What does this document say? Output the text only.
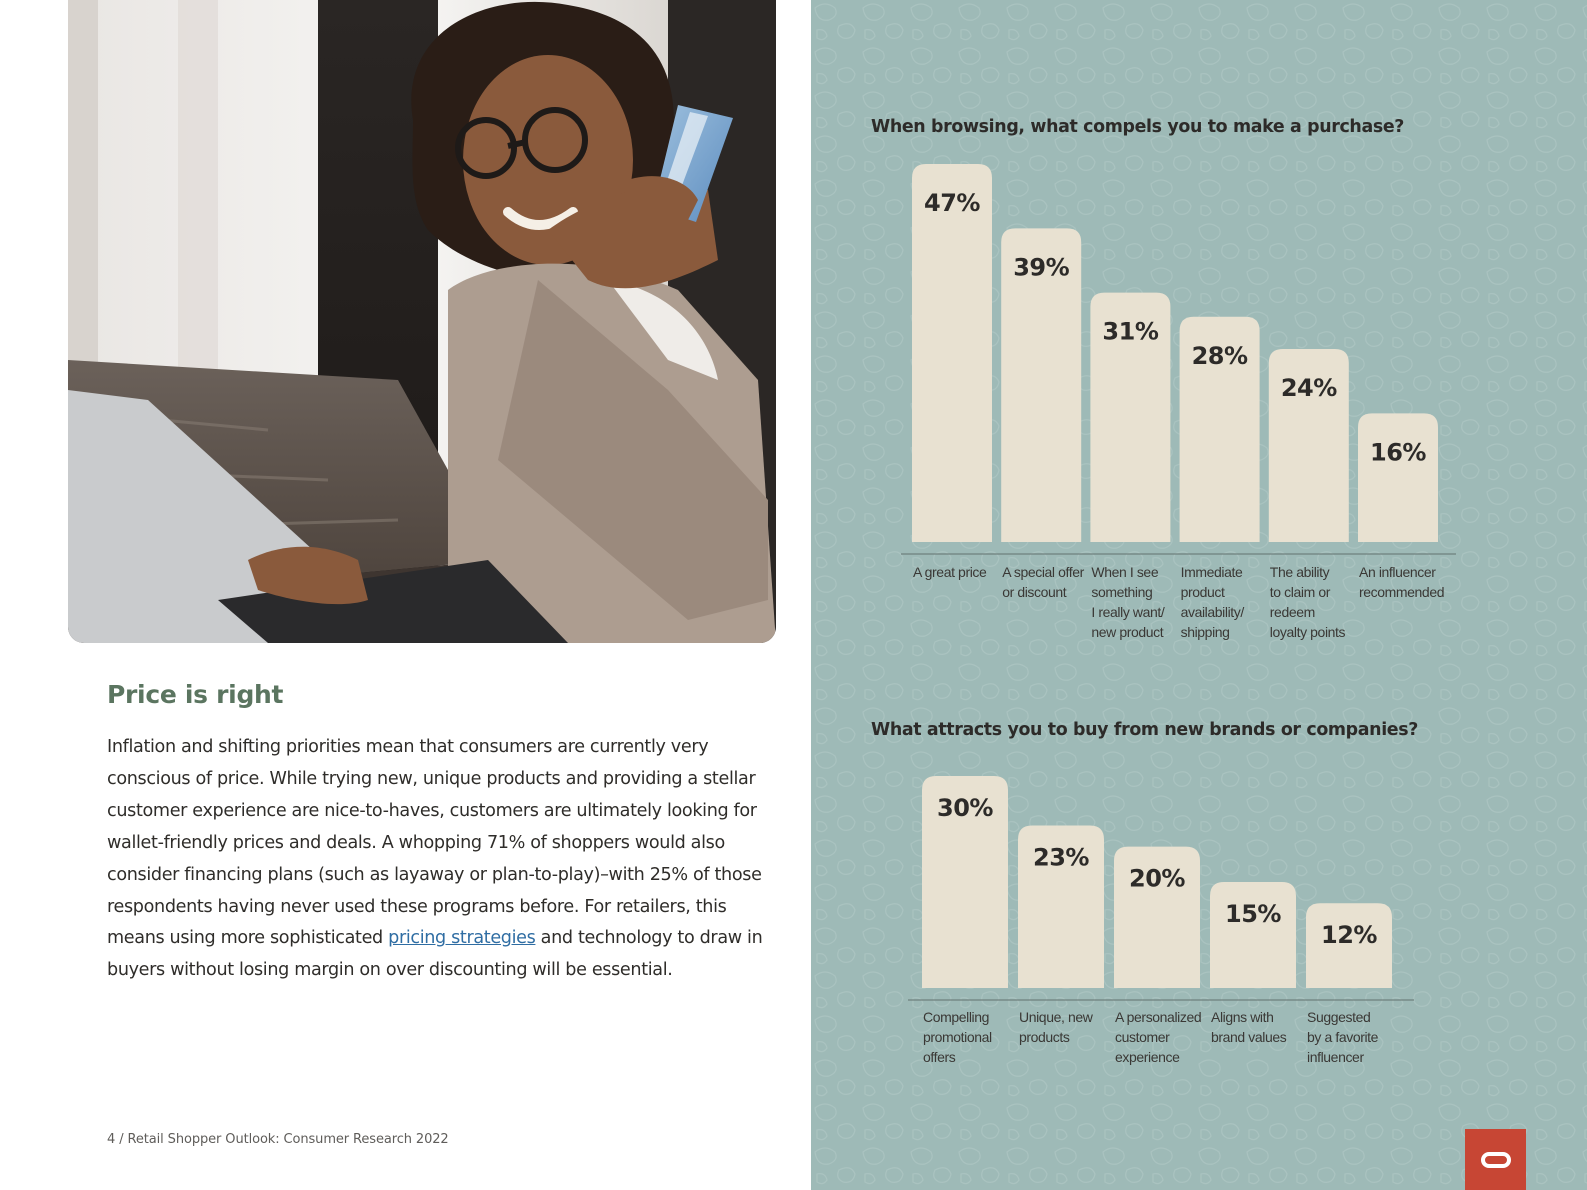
Price is right

Inflation and shifting priorities mean that consumers are currently very conscious of price. While trying new, unique products and providing a stellar customer experience are nice-to-haves, customers are ultimately looking for wallet-friendly prices and deals. A whopping 71% of shoppers would also consider financing plans (such as layaway or plan-to-play)–with 25% of those respondents having never used these programs before. For retailers, this means using more sophisticated pricing strategies and technology to draw in buyers without losing margin on over discounting will be essential.

4 / Retail Shopper Outlook: Consumer Research 2022

When browsing, what compels you to make a purchase?
47%
A great price
39%
A special offer
or discount
31%
When I see
something
I really want/
new product
28%
Immediate
product
availability/
shipping
24%
The ability
to claim or
redeem
loyalty points
16%
An influencer
recommended
What attracts you to buy from new brands or companies?
30%
Compelling
promotional
offers
23%
Unique, new
products
20%
A personalized
customer
experience
15%
Aligns with
brand values
12%
Suggested
by a favorite
influencer
